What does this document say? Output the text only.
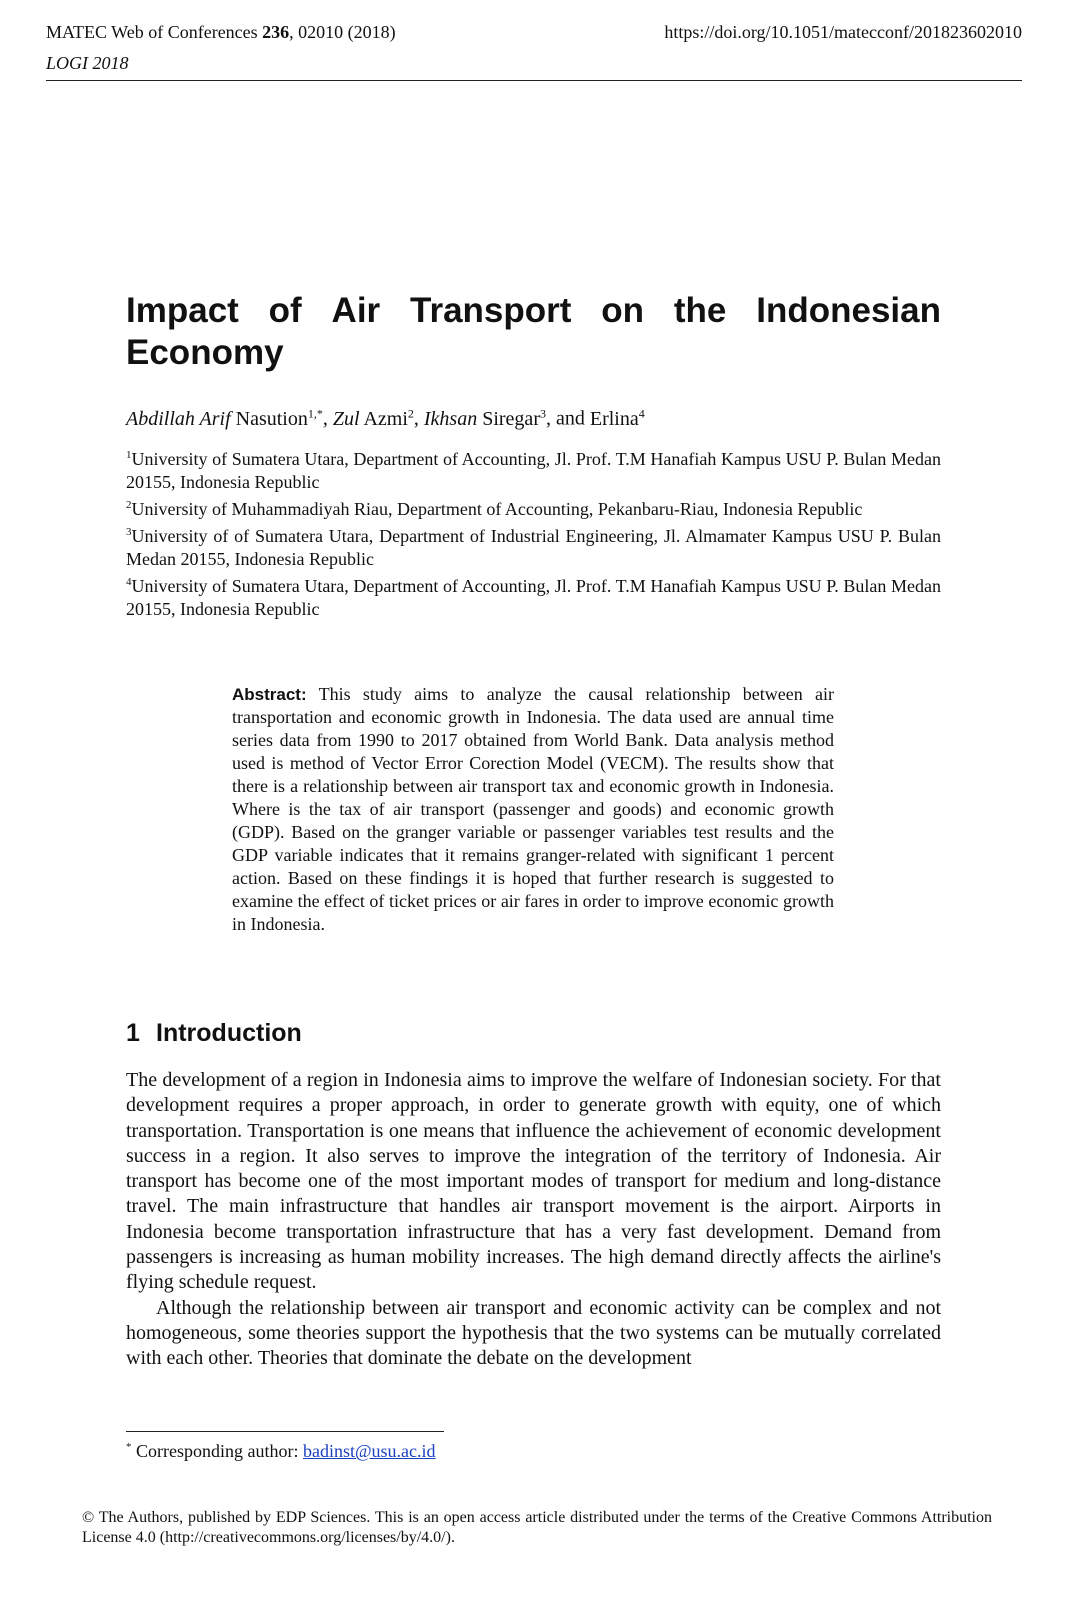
MATEC Web of Conferences 236, 02010 (2018)
LOGI 2018
https://doi.org/10.1051/matecconf/201823602010
Impact of Air Transport on the Indonesian
Economy
Abdillah Arif Nasution$^{1,*}$, Zul Azmi$^2$, Ikhsan Siregar$^3$, and Erlina$^4$

$^1$University of Sumatera Utara, Department of Accounting, Jl. Prof. T.M Hanafiah Kampus USU P. Bulan Medan 20155, Indonesia Republic

$^2$University of Muhammadiyah Riau, Department of Accounting, Pekanbaru-Riau, Indonesia Republic

$^3$University of of Sumatera Utara, Department of Industrial Engineering, Jl. Almamater Kampus USU P. Bulan Medan 20155, Indonesia Republic

$^4$University of Sumatera Utara, Department of Accounting, Jl. Prof. T.M Hanafiah Kampus USU P. Bulan Medan 20155, Indonesia Republic

Abstract: This study aims to analyze the causal relationship between air transportation and economic growth in Indonesia. The data used are annual time series data from 1990 to 2017 obtained from World Bank. Data analysis method used is method of Vector Error Corection Model (VECM). The results show that there is a relationship between air transport tax and economic growth in Indonesia. Where is the tax of air transport (passenger and goods) and economic growth (GDP). Based on the granger variable or passenger variables test results and the GDP variable indicates that it remains granger-related with significant 1 percent action. Based on these findings it is hoped that further research is suggested to examine the effect of ticket prices or air fares in order to improve economic growth in Indonesia.
1 Introduction

The development of a region in Indonesia aims to improve the welfare of Indonesian society. For that development requires a proper approach, in order to generate growth with equity, one of which transportation. Transportation is one means that influence the achievement of economic development success in a region. It also serves to improve the integration of the territory of Indonesia. Air transport has become one of the most important modes of transport for medium and long-distance travel. The main infrastructure that handles air transport movement is the airport. Airports in Indonesia become transportation infrastructure that has a very fast development. Demand from passengers is increasing as human mobility increases. The high demand directly affects the airline's flying schedule request.

Although the relationship between air transport and economic activity can be complex and not homogeneous, some theories support the hypothesis that the two systems can be mutually correlated with each other. Theories that dominate the debate on the development

* Corresponding author: badinst@usu.ac.id
© The Authors, published by EDP Sciences. This is an open access article distributed under the terms of the Creative Commons Attribution License 4.0 (http://creativecommons.org/licenses/by/4.0/).
